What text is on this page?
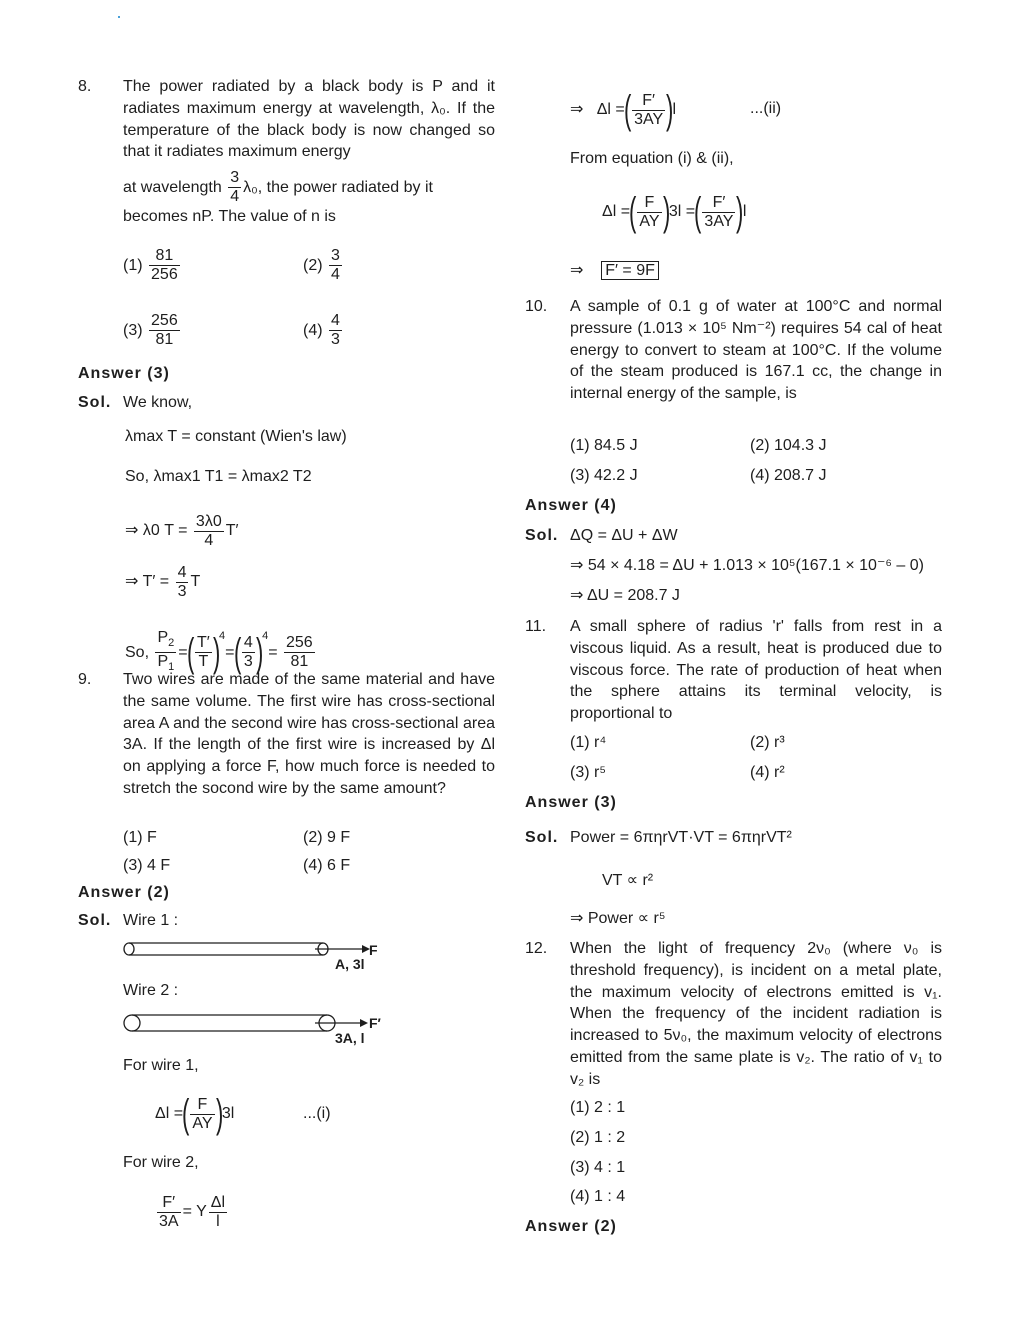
8. The power radiated by a black body is P and it radiates maximum energy at wavelength, λ₀. If the temperature of the black body is now changed so that it radiates maximum energy
at wavelength $\frac{3}{4} \lambda_0$, the power radiated by it
becomes nP. The value of n is
$(1) \frac{81}{256}$	$(2) \frac{3}{4}$
$(3) \frac{256}{81}$	$(4) \frac{4}{3}$
Answer (3)
Sol. We know,
λmax T = constant (Wien's law)
So, λmax1 T1 = λmax2 T2
⇒ λ0 $T = \frac{3\lambda 0}{4} T'$
⇒ $T' = \frac{4}{3}$ T
So, $\frac{P_2}{P_1}$ =( $\frac{T'}{T} )^4=( \frac{4}{3} )^4= \frac{256}{81}$
9. Two wires are made of the same material and have the same volume. The first wire has cross-sectional area A and the second wire has cross-sectional area 3A. If the length of the first wire is increased by Δl on applying a force F, how much force is needed to stretch the socond wire by the same amount?
(1) F	(2) 9 F
(3) 4 F	(4) 6 F
Answer (2)
Sol. Wire 1 :
F
A, 3l
Wire 2 :
F′
3A, l
For wire 1,
Δl =( $\frac{F}{AY} )3l$	...(i)
For wire 2,
$\frac{F'}{3A} = Y \frac{\Delta l}{l}$
⇒   Δl =( $\frac{F'}{3AY} )l$	...(ii)
From equation (i) & (ii),
Δl =( $\frac{F}{AY} )3l$ =( $\frac{F'}{3AY} )l$
⇒    F′ = 9F
10. A sample of 0.1 g of water at 100°C and normal pressure (1.013 × 10⁵ Nm⁻²) requires 54 cal of heat energy to convert to steam at 100°C. If the volume of the steam produced is 167.1 cc, the change in internal energy of the sample, is
(1) 84.5 J	(2) 104.3 J
(3) 42.2 J	(4) 208.7 J
Answer (4)
Sol. ΔQ = ΔU + ΔW
⇒ 54 × 4.18 = ΔU + 1.013 × 10⁵(167.1 × 10⁻⁶ – 0)
⇒ ΔU = 208.7 J
11. A small sphere of radius 'r' falls from rest in a viscous liquid. As a result, heat is produced due to viscous force. The rate of production of heat when the sphere attains its terminal velocity, is proportional to
(1) r⁴	(2) r³
(3) r⁵	(4) r²
Answer (3)
Sol. Power = 6πηrVT·VT = 6πηrVT²
VT ∝ r²
⇒ Power ∝ r⁵
12. When the light of frequency 2ν₀ (where ν₀ is threshold frequency), is incident on a metal plate, the maximum velocity of electrons emitted is v₁. When the frequency of the incident radiation is increased to 5ν₀, the maximum velocity of electrons emitted from the same plate is v₂. The ratio of v₁ to v₂ is
(1) 2 : 1
(2) 1 : 2
(3) 4 : 1
(4) 1 : 4
Answer (2)
